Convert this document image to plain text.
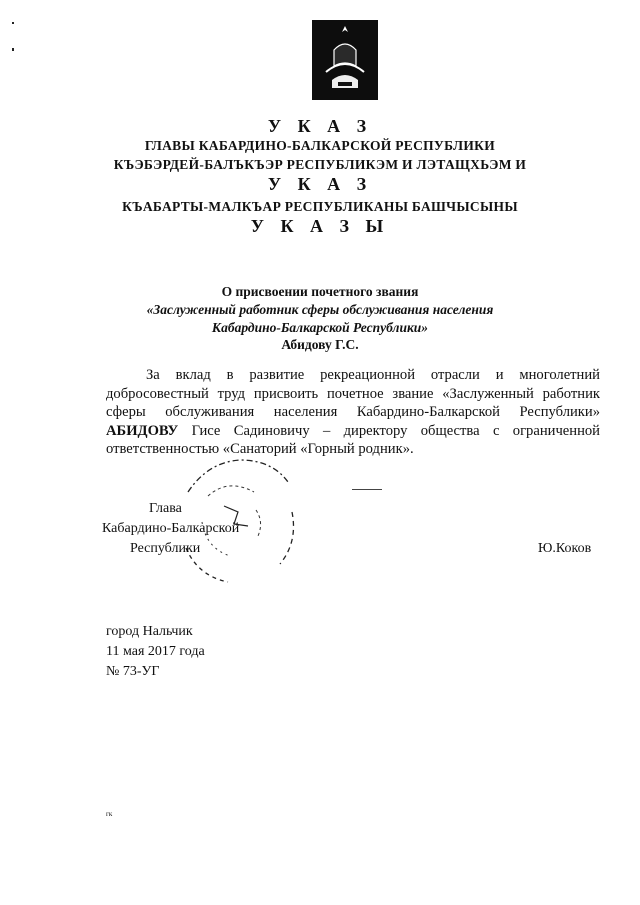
У К А З
ГЛАВЫ КАБАРДИНО-БАЛКАРСКОЙ РЕСПУБЛИКИ
КЪЭБЭРДЕЙ-БАЛЪКЪЭР РЕСПУБЛИКЭМ И ЛЭТАЩХЬЭМ И
У К А З
КЪАБАРТЫ-МАЛКЪАР РЕСПУБЛИКАНЫ БАШЧЫСЫНЫ
У К А З Ы
О присвоении почетного звания
«Заслуженный работник сферы обслуживания населения
Кабардино-Балкарской Республики»
Абидову Г.С.
За вклад в развитие рекреационной отрасли и многолетний добросовестный труд присвоить почетное звание «Заслуженный работник сферы обслуживания населения Кабардино-Балкарской Республики» АБИДОВУ Гисе Садиновичу – директору общества с ограниченной ответственностью «Санаторий «Горный родник».
Глава
Кабардино-Балкарской
Республики	Ю.Коков
город Нальчик
11 мая 2017 года
№ 73-УГ
гк
